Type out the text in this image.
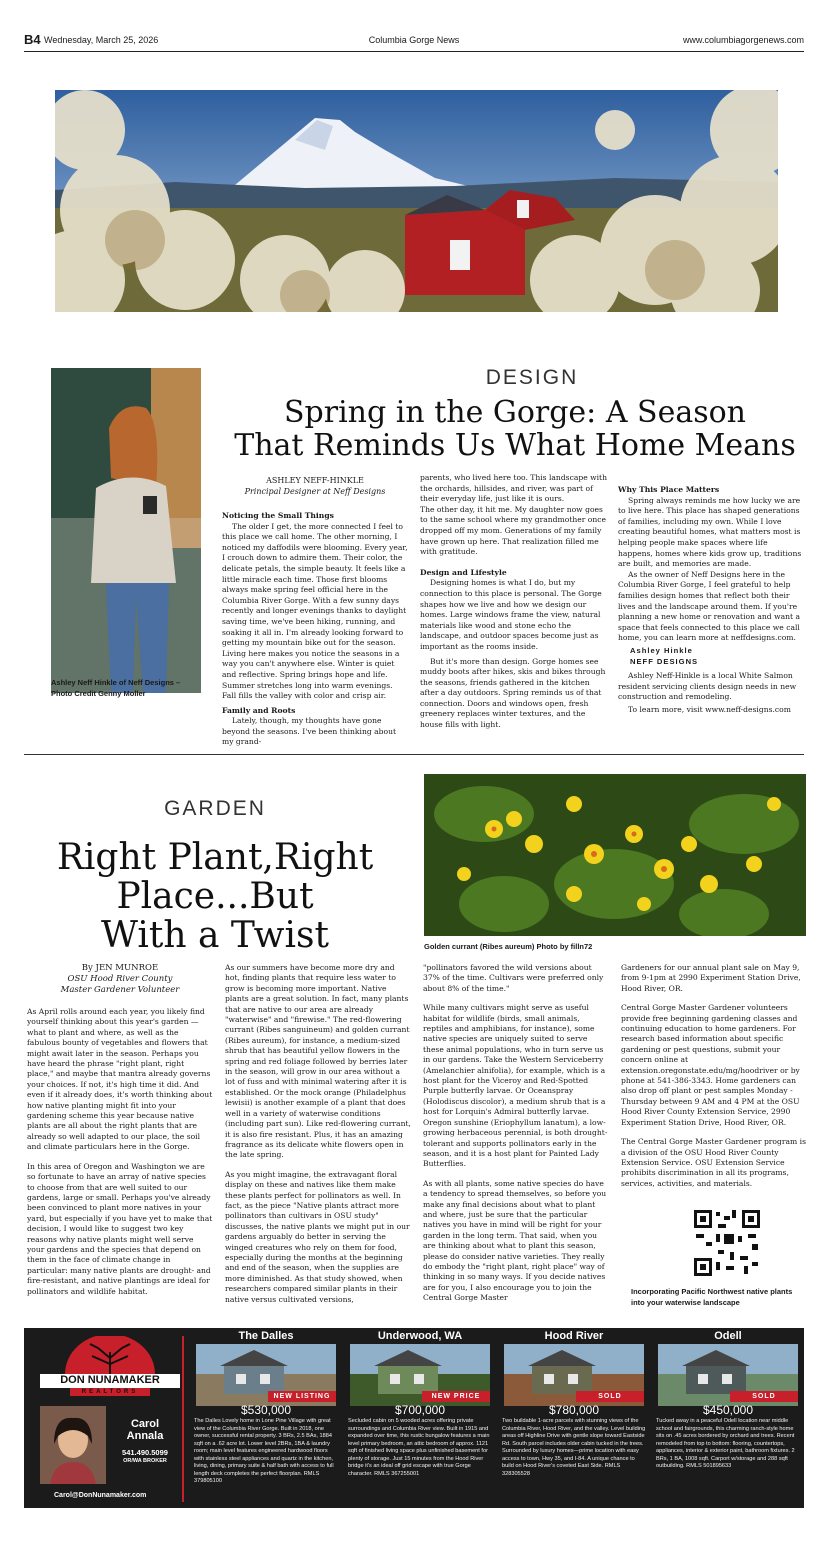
B4 Wednesday, March 25, 2026	Columbia Gorge News	www.columbiagorgenews.com
Ashley Neff Hinkle of Neff Designs – Photo Credit Genny Moller
DESIGN
Spring in the Gorge: A Season
That Reminds Us What Home Means
ASHLEY NEFF-HINKLE
Principal Designer at Neff Designs
Noticing the Small Things

The older I get, the more connected I feel to this place we call home. The other morning, I noticed my daffodils were blooming. Every year, I crouch down to admire them. Their color, the delicate petals, the simple beauty. It feels like a little miracle each time. Those first blooms always make spring feel official here in the Columbia River Gorge. With a few sunny days recently and longer evenings thanks to daylight saving time, we've been hiking, running, and soaking it all in. I'm already looking forward to getting my mountain bike out for the season. Living here makes you notice the seasons in a way you can't anywhere else. Winter is quiet and reflective. Spring brings hope and life. Summer stretches long into warm evenings. Fall fills the valley with color and crisp air.

Family and Roots

Lately, though, my thoughts have gone beyond the seasons. I've been thinking about my grand-

parents, who lived here too. This landscape with the orchards, hillsides, and river, was part of their everyday life, just like it is ours.

The other day, it hit me. My daughter now goes to the same school where my grandmother once dropped off my mom. Generations of my family have grown up here. That realization filled me with gratitude.

Design and Lifestyle

Designing homes is what I do, but my connection to this place is personal. The Gorge shapes how we live and how we design our homes. Large windows frame the view, natural materials like wood and stone echo the landscape, and outdoor spaces become just as important as the rooms inside.

But it's more than design. Gorge homes see muddy boots after hikes, skis and bikes through the seasons, friends gathered in the kitchen after a day outdoors. Spring reminds us of that connection. Doors and windows open, fresh greenery replaces winter textures, and the house fills with light.

Why This Place Matters

Spring always reminds me how lucky we are to live here. This place has shaped generations of families, including my own. While I love creating beautiful homes, what matters most is helping people make spaces where life happens, homes where kids grow up, traditions are built, and memories are made.

As the owner of Neff Designs here in the Columbia River Gorge, I feel grateful to help families design homes that reflect both their lives and the landscape around them. If you're planning a new home or renovation and want a space that feels connected to this place we call home, you can learn more at neffdesigns.com.

Ashley Hinkle
NEFF DESIGNS

Ashley Neff-Hinkle is a local White Salmon resident servicing clients design needs in new construction and remodeling.

To learn more, visit www.neff-designs.com

GARDEN
Right Plant,Right
Place...But
With a Twist	Golden currant (Ribes aureum) Photo by filln72
By JEN MUNROE
OSU Hood River County
Master Gardener Volunteer

As April rolls around each year, you likely find yourself thinking about this year's garden — what to plant and where, as well as the fabulous bounty of vegetables and flowers that might await later in the season. Perhaps you have heard the phrase "right plant, right place," and maybe that mantra already governs your choices. If not, it's high time it did. And even if it already does, it's worth thinking about how native planting might fit into your gardening scheme this year because native plants are all about the right plants that are already so well adapted to our place, the soil and climate particulars here in the Gorge.

In this area of Oregon and Washington we are so fortunate to have an array of native species to choose from that are well suited to our gardens, large or small. Perhaps you've already been convinced to plant more natives in your yard, but especially if you have yet to make that decision, I would like to suggest two key reasons why native plants might well serve your gardens and the species that depend on them in the face of climate change in particular: many native plants are drought- and fire-resistant, and native plantings are ideal for pollinators and wildlife habitat.

As our summers have become more dry and hot, finding plants that require less water to grow is becoming more important. Native plants are a great solution. In fact, many plants that are native to our area are already "waterwise" and "firewise." The red-flowering currant (Ribes sanguineum) and golden currant (Ribes aureum), for instance, a medium-sized shrub that has beautiful yellow flowers in the spring and red foliage followed by berries later in the season, will grow in our area without a lot of fuss and with minimal watering after it is established. Or the mock orange (Philadelphus lewisii) is another example of a plant that does well in a variety of waterwise conditions (including part sun). Like red-flowering currant, it is also fire resistant. Plus, it has an amazing fragrance as its delicate white flowers open in the late spring.

As you might imagine, the extravagant floral display on these and natives like them make these plants perfect for pollinators as well. In fact, as the piece "Native plants attract more pollinators than cultivars in OSU study" discusses, the native plants we might put in our gardens arguably do better in serving the winged creatures who rely on them for food, especially during the months at the beginning and end of the season, when the supplies are more diminished. As that study showed, when researchers compared similar plants in their native versus cultivated versions,

"pollinators favored the wild versions about 37% of the time. Cultivars were preferred only about 8% of the time."

While many cultivars might serve as useful habitat for wildlife (birds, small animals, reptiles and amphibians, for instance), some native species are uniquely suited to serve these animal populations, who in turn serve us in our gardens. Take the Western Serviceberry (Amelanchier alnifolia), for example, which is a host plant for the Viceroy and Red-Spotted Purple butterfly larvae. Or Oceanspray (Holodiscus discolor), a medium shrub that is a host for Lorquin's Admiral butterfly larvae. Oregon sunshine (Eriophyllum lanatum), a low-growing herbaceous perennial, is both drought-tolerant and supports pollinators early in the season, and it is a host plant for Painted Lady Butterflies.

As with all plants, some native species do have a tendency to spread themselves, so before you make any final decisions about what to plant and where, just be sure that the particular natives you have in mind will be right for your garden in the long term. That said, when you are thinking about what to plant this season, please do consider native varieties. They really do embody the "right plant, right place" way of thinking in so many ways. If you decide natives are for you, I also encourage you to join the Central Gorge Master

Gardeners for our annual plant sale on May 9, from 9-1pm at 2990 Experiment Station Drive, Hood River, OR.

Central Gorge Master Gardener volunteers provide free beginning gardening classes and continuing education to home gardeners. For research based information about specific gardening or pest questions, submit your concern online at extension.oregonstate.edu/mg/hoodriver or by phone at 541-386-3343. Home gardeners can also drop off plant or pest samples Monday - Thursday between 9 AM and 4 PM at the OSU Hood River County Extension Service, 2990 Experiment Station Drive, Hood River, OR.

The Central Gorge Master Gardener program is a division of the OSU Hood River County Extension Service. OSU Extension Service prohibits discrimination in all its programs, services, activities, and materials.

Incorporating Pacific Northwest native plants into your waterwise landscape
DON NUNAMAKER
REALTORS
Carol
Annala
541.490.5099
OR/WA BROKER
Carol@DonNunamaker.com
The Dalles
NEW LISTING
$530,000
The Dalles Lovely home in Lone Pine Village with great view of the Columbia River Gorge. Built in 2018, one owner, successful rental property. 3 BRs, 2.5 BAs, 1884 sqft on a .62 acre lot. Lower level 2BRs, 1BA & laundry room; main level features engineered hardwood floors with stainless steel appliances and quartz in the kitchen, living, dining, primary suite & half bath with access to full length deck completes the perfect floorplan. RMLS 379805100
Underwood, WA
NEW PRICE
$700,000
Secluded cabin on 5 wooded acres offering private surroundings and Columbia River view. Built in 1915 and expanded over time, this rustic bungalow features a main level primary bedroom, an attic bedroom of approx. 1121 sqft of finished living space plus unfinished basement for plenty of storage. Just 15 minutes from the Hood River bridge it's an ideal off grid escape with true Gorge character. RMLS 367255001
Hood River
SOLD
$780,000
Two buildable 1-acre parcels with stunning views of the Columbia River, Hood River, and the valley. Level building areas off Highline Drive with gentle slope toward Eastside Rd. South parcel includes older cabin tucked in the trees. Surrounded by luxury homes—prime location with easy access to town, Hwy 35, and I-84. A unique chance to build on Hood River's coveted East Side. RMLS 328305528
Odell
SOLD
$450,000
Tucked away in a peaceful Odell location near middle school and fairgrounds, this charming ranch-style home sits on .45 acres bordered by orchard and trees. Recent remodeled from top to bottom: flooring, countertops, appliances, interior & exterior paint, bathroom fixtures. 2 BRs, 1 BA, 1008 sqft. Carport w/storage and 288 sqft outbuilding. RMLS 501895633
